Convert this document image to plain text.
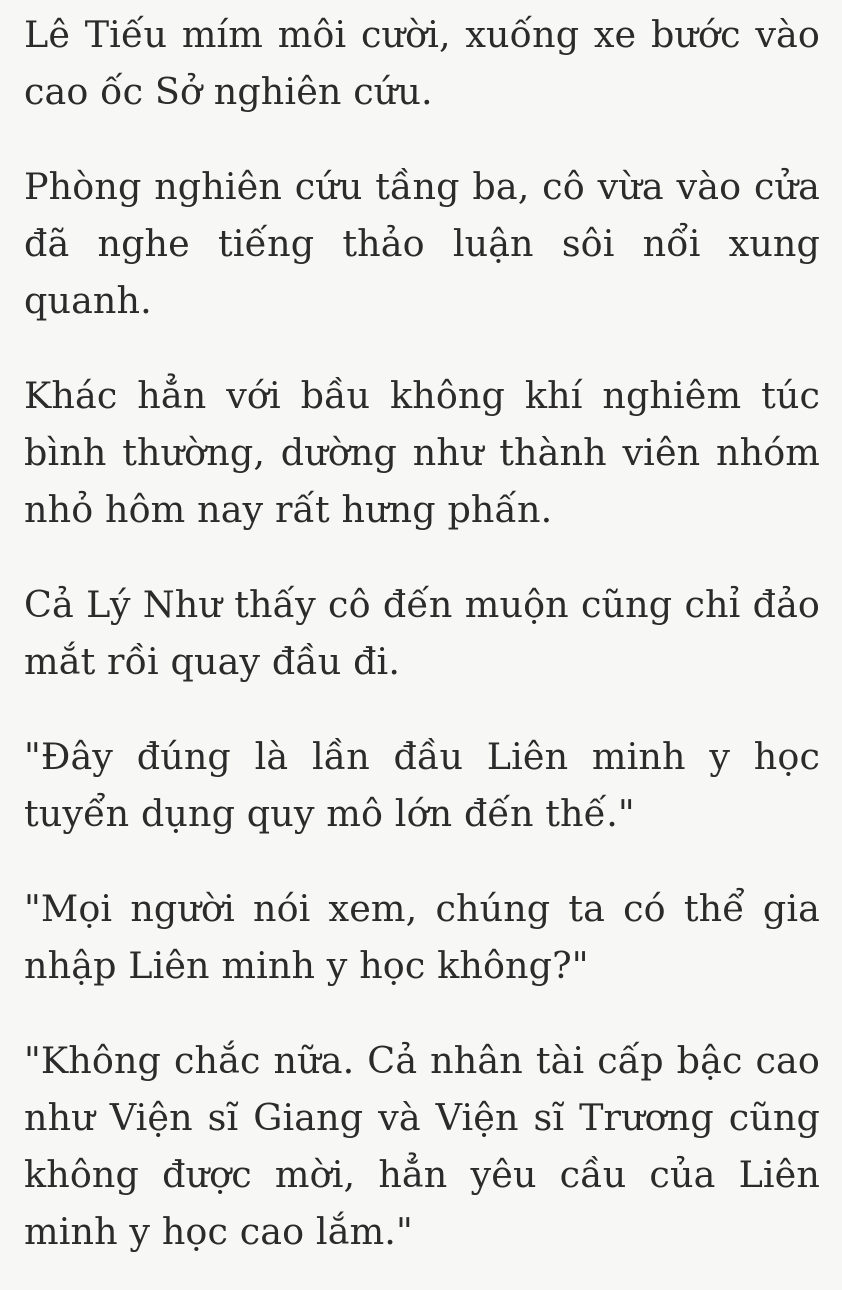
Lê Tiếu mím môi cười, xuống xe bước vào cao ốc Sở nghiên cứu.

Phòng nghiên cứu tầng ba, cô vừa vào cửa đã nghe tiếng thảo luận sôi nổi xung quanh.

Khác hẳn với bầu không khí nghiêm túc bình thường, dường như thành viên nhóm nhỏ hôm nay rất hưng phấn.

Cả Lý Như thấy cô đến muộn cũng chỉ đảo mắt rồi quay đầu đi.

"Đây đúng là lần đầu Liên minh y học tuyển dụng quy mô lớn đến thế."

"Mọi người nói xem, chúng ta có thể gia nhập Liên minh y học không?"

"Không chắc nữa. Cả nhân tài cấp bậc cao như Viện sĩ Giang và Viện sĩ Trương cũng không được mời, hẳn yêu cầu của Liên minh y học cao lắm."
